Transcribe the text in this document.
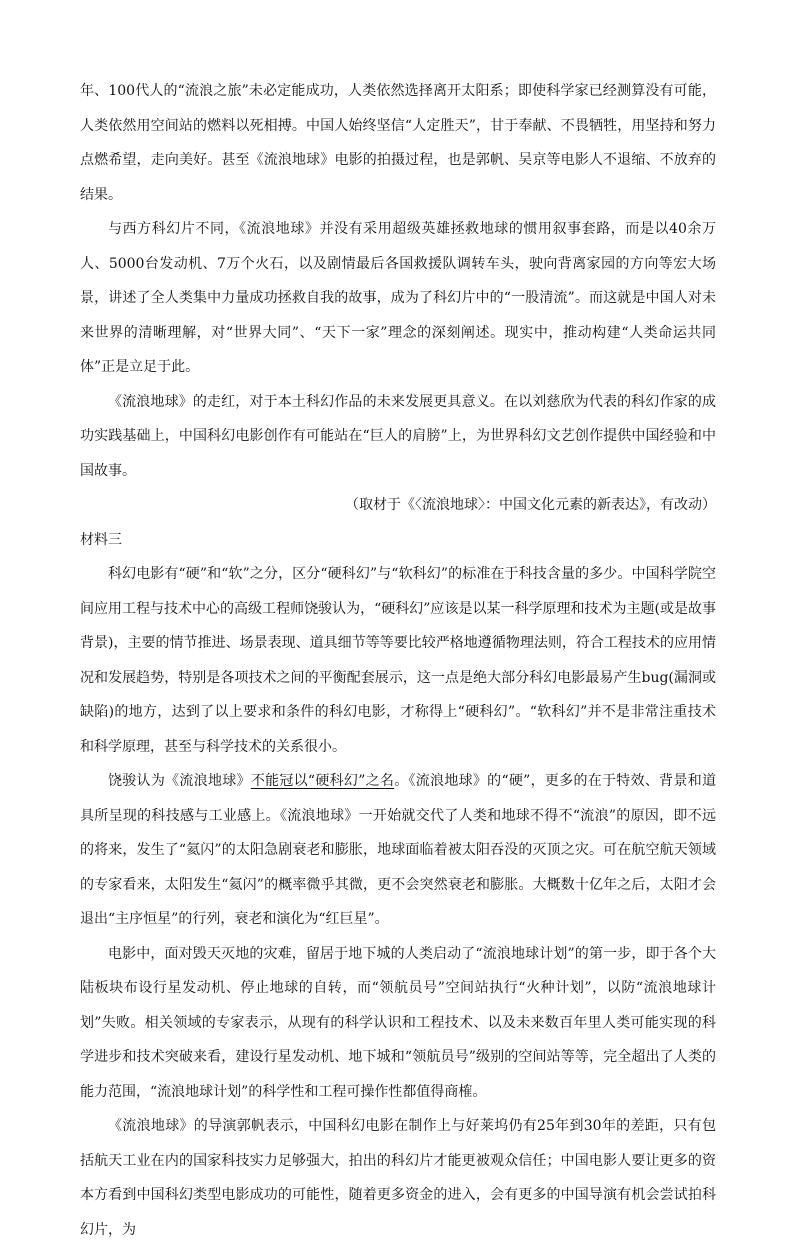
年、100代人的“流浪之旅”未必定能成功，人类依然选择离开太阳系；即使科学家已经测算没有可能，人类依然用空间站的燃料以死相搏。中国人始终坚信“人定胜天”，甘于奉献、不畏牺牲，用坚持和努力点燃希望，走向美好。甚至《流浪地球》电影的拍摄过程，也是郭帆、吴京等电影人不退缩、不放弃的结果。

与西方科幻片不同，《流浪地球》并没有采用超级英雄拯救地球的惯用叙事套路，而是以40余万人、5000台发动机、7万个火石，以及剧情最后各国救援队调转车头，驶向背离家园的方向等宏大场景，讲述了全人类集中力量成功拯救自我的故事，成为了科幻片中的“一股清流”。而这就是中国人对未来世界的清晰理解，对“世界大同”、“天下一家”理念的深刻阐述。现实中，推动构建“人类命运共同体”正是立足于此。

《流浪地球》的走红，对于本土科幻作品的未来发展更具意义。在以刘慈欣为代表的科幻作家的成功实践基础上，中国科幻电影创作有可能站在“巨人的肩膀”上，为世界科幻文艺创作提供中国经验和中国故事。

（取材于《〈流浪地球〉：中国文化元素的新表达》，有改动）

材料三

科幻电影有“硬”和“软”之分，区分“硬科幻”与“软科幻”的标准在于科技含量的多少。中国科学院空间应用工程与技术中心的高级工程师饶骏认为，“硬科幻”应该是以某一科学原理和技术为主题(或是故事背景)，主要的情节推进、场景表现、道具细节等等要比较严格地遵循物理法则，符合工程技术的应用情况和发展趋势，特别是各项技术之间的平衡配套展示，这一点是绝大部分科幻电影最易产生bug(漏洞或缺陷)的地方，达到了以上要求和条件的科幻电影，才称得上“硬科幻”。“软科幻”并不是非常注重技术和科学原理，甚至与科学技术的关系很小。

饶骏认为《流浪地球》不能冠以“硬科幻”之名。《流浪地球》的“硬”，更多的在于特效、背景和道具所呈现的科技感与工业感上。《流浪地球》一开始就交代了人类和地球不得不“流浪”的原因，即不远的将来，发生了“氦闪”的太阳急剧衰老和膨胀，地球面临着被太阳吞没的灭顶之灾。可在航空航天领域的专家看来，太阳发生“氦闪”的概率微乎其微，更不会突然衰老和膨胀。大概数十亿年之后，太阳才会退出“主序恒星”的行列，衰老和演化为“红巨星”。

电影中，面对毁天灭地的灾难，留居于地下城的人类启动了“流浪地球计划”的第一步，即于各个大陆板块布设行星发动机、停止地球的自转，而“领航员号”空间站执行“火种计划”，以防“流浪地球计划”失败。相关领域的专家表示，从现有的科学认识和工程技术、以及未来数百年里人类可能实现的科学进步和技术突破来看，建设行星发动机、地下城和“领航员号”级别的空间站等等，完全超出了人类的能力范围，“流浪地球计划”的科学性和工程可操作性都值得商榷。

《流浪地球》的导演郭帆表示，中国科幻电影在制作上与好莱坞仍有25年到30年的差距，只有包括航天工业在内的国家科技实力足够强大，拍出的科幻片才能更被观众信任；中国电影人要让更多的资本方看到中国科幻类型电影成功的可能性，随着更多资金的进入，会有更多的中国导演有机会尝试拍科幻片，为
